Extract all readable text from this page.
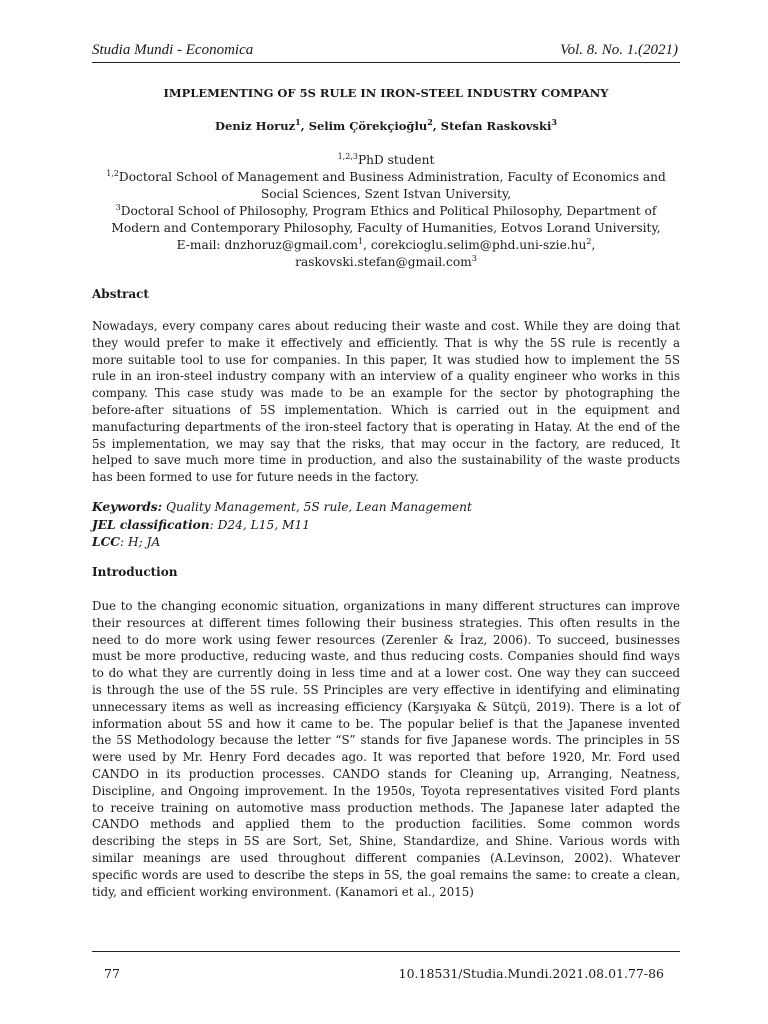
Studia Mundi - Economica	Vol. 8. No. 1.(2021)
IMPLEMENTING OF 5S RULE IN IRON-STEEL INDUSTRY COMPANY
Deniz Horuz$^1$, Selim Çörekçioğlu$^2$, Stefan Raskovski$^3$
$^{1,2,3}$PhD student
$^{1,2}$Doctoral School of Management and Business Administration, Faculty of Economics and
Social Sciences, Szent Istvan University,
$^3$Doctoral School of Philosophy, Program Ethics and Political Philosophy, Department of
Modern and Contemporary Philosophy, Faculty of Humanities, Eotvos Lorand University,
E-mail: dnzhoruz@gmail.com$^1$, $corekcioglu.selim@phd.uni-szie.hu^2$,
raskovski.stefan@gmail.com$^3$
Abstract
Nowadays, every company cares about reducing their waste and cost. While they are doing that
they would prefer to make it effectively and efficiently. That is why the 5S rule is recently a
more suitable tool to use for companies. In this paper, It was studied how to implement the 5S
rule in an iron-steel industry company with an interview of a quality engineer who works in this
company. This case study was made to be an example for the sector by photographing the
before-after situations of 5S implementation. Which is carried out in the equipment and
manufacturing departments of the iron-steel factory that is operating in Hatay. At the end of the
5s implementation, we may say that the risks, that may occur in the factory, are reduced, It
helped to save much more time in production, and also the sustainability of the waste products
has been formed to use for future needs in the factory.
Keywords: Quality Management, 5S rule, Lean Management
JEL classification: D24, L15, M11
LCC: H; JA
Introduction
Due to the changing economic situation, organizations in many different structures can improve
their resources at different times following their business strategies. This often results in the
need to do more work using fewer resources (Zerenler & İraz, 2006). To succeed, businesses
must be more productive, reducing waste, and thus reducing costs. Companies should find ways
to do what they are currently doing in less time and at a lower cost. One way they can succeed
is through the use of the 5S rule. 5S Principles are very effective in identifying and eliminating
unnecessary items as well as increasing efficiency (Karşıyaka & Sütçü, 2019). There is a lot of
information about 5S and how it came to be. The popular belief is that the Japanese invented
the 5S Methodology because the letter “S” stands for five Japanese words. The principles in 5S
were used by Mr. Henry Ford decades ago. It was reported that before 1920, Mr. Ford used
CANDO in its production processes. CANDO stands for Cleaning up, Arranging, Neatness,
Discipline, and Ongoing improvement. In the 1950s, Toyota representatives visited Ford plants
to receive training on automotive mass production methods. The Japanese later adapted the
CANDO methods and applied them to the production facilities. Some common words
describing the steps in 5S are Sort, Set, Shine, Standardize, and Shine. Various words with
similar meanings are used throughout different companies (A.Levinson, 2002). Whatever
specific words are used to describe the steps in 5S, the goal remains the same: to create a clean,
tidy, and efficient working environment. (Kanamori et al., 2015)
77	10.18531/Studia.Mundi.2021.08.01.77-86
